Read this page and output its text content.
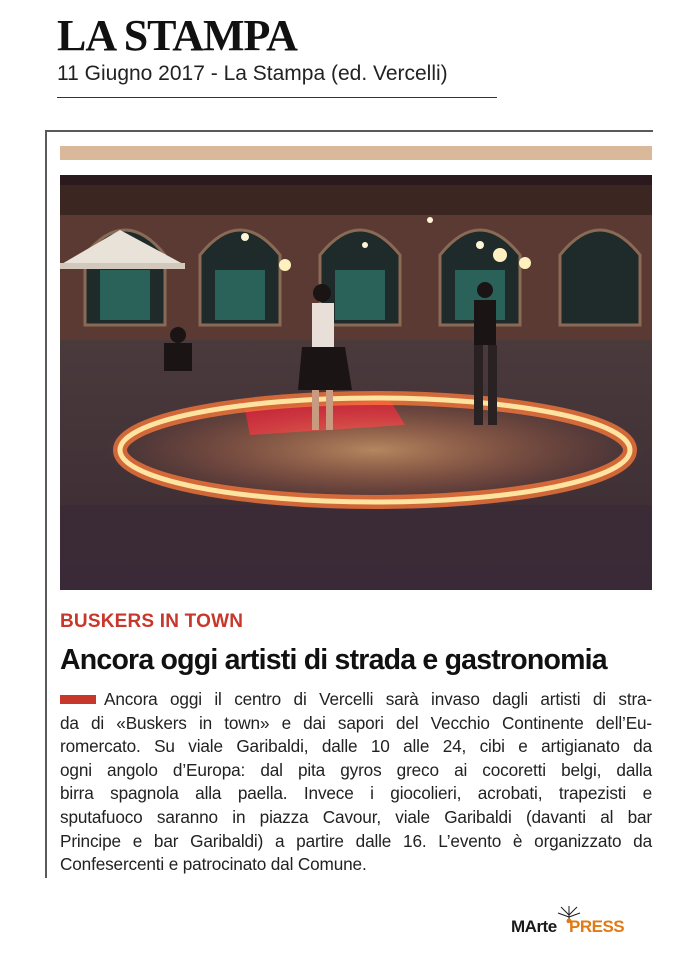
LA STAMPA
11 Giugno 2017 - La Stampa (ed. Vercelli)
BUSKERS IN TOWN
Ancora oggi artisti di strada e gastronomia
Ancora oggi il centro di Vercelli sarà invaso dagli artisti di stra-
da di «Buskers in town» e dai sapori del Vecchio Continente dell’Eu-
romercato. Su viale Garibaldi, dalle 10 alle 24, cibi e artigianato da
ogni angolo d’Europa: dal pita gyros greco ai cocoretti belgi, dalla
birra spagnola alla paella. Invece i giocolieri, acrobati, trapezisti e
sputafuoco saranno in piazza Cavour, viale Garibaldi (davanti al bar
Principe e bar Garibaldi) a partire dalle 16. L’evento è organizzato da
Confesercenti e patrocinato dal Comune.
MArte PRESS
